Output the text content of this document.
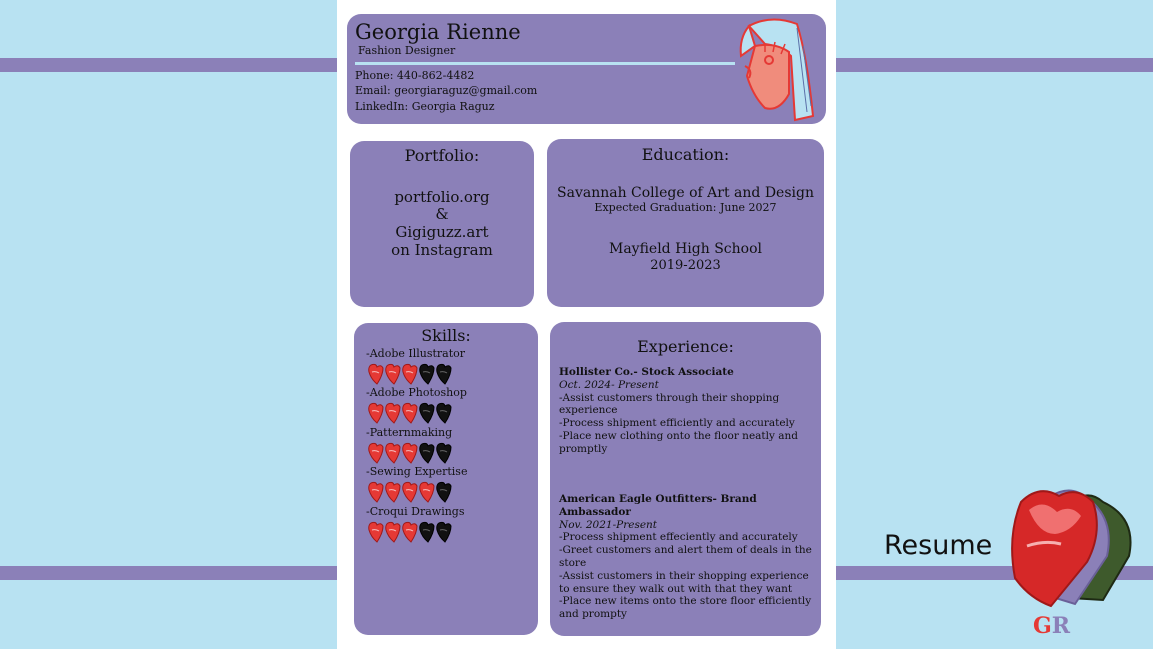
Georgia Rienne
Fashion Designer
Phone: 440-862-4482
Email: georgiaraguz@gmail.com
LinkedIn: Georgia Raguz
Portfolio:
portfolio.org
&
Gigiguzz.art
on Instagram
Education:
Savannah College of Art and Design
Expected Graduation: June 2027
Mayfield High School
2019-2023
Skills:
-Adobe Illustrator
-Adobe Photoshop
-Patternmaking
-Sewing Expertise
-Croqui Drawings
Experience:
Hollister Co.- Stock Associate
Oct. 2024- Present
-Assist customers through their shopping experience
-Process shipment efficiently and accurately
-Place new clothing onto the floor neatly and promptly
American Eagle Outfitters- Brand Ambassador
Nov. 2021-Present
-Process shipment effeciently and accurately
-Greet customers and alert them of deals in the store
-Assist customers in their shopping experience to ensure they walk out with that they want
-Place new items onto the store floor efficiently and prompty
Resume
GR
